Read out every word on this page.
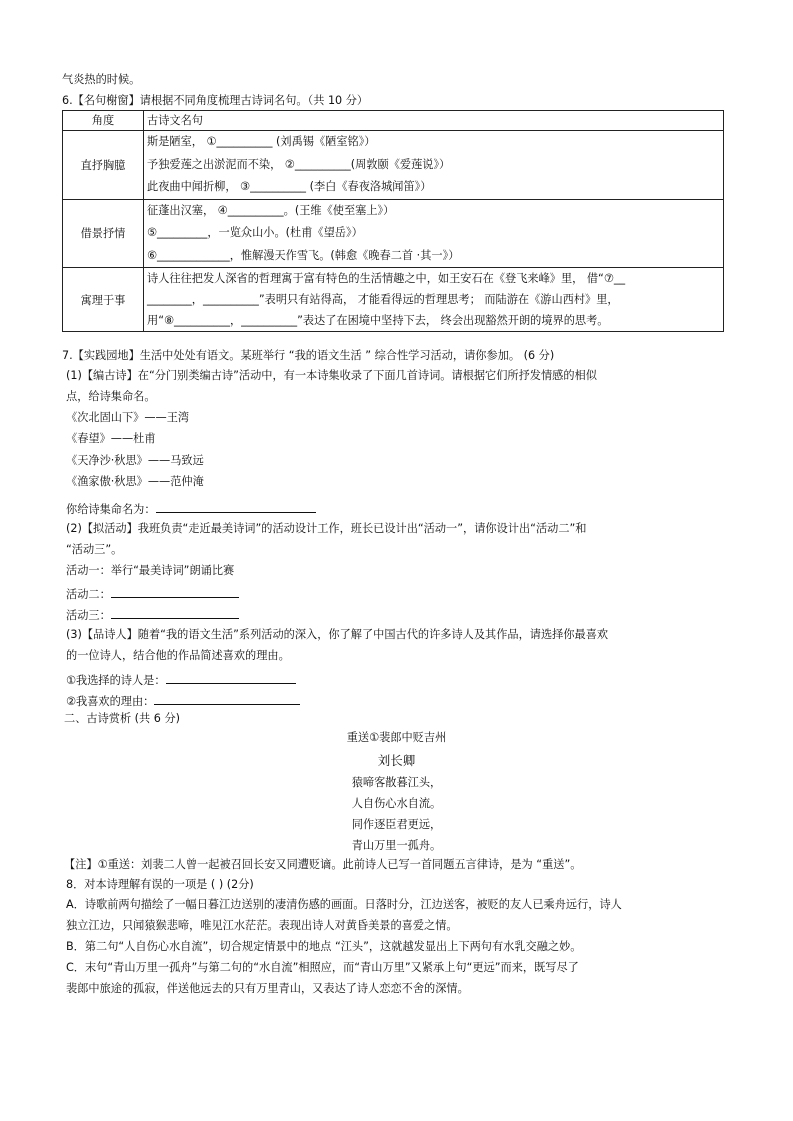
气炎热的时候。
6.【名句榭窗】请根据不同角度梳理古诗词名句。（共 10 分）
角度	古诗文名句
直抒胸臆	斯是陋室， ①__________ (刘禹锡《陋室铭》）
予独爱莲之出淤泥而不染， ②__________(周敦颐《爱莲说》）
此夜曲中闻折柳， ③__________ (李白《春夜洛城闻笛》）

借景抒情	征蓬出汉塞， ④__________。(王维《使至塞上》）
⑤_________，一览众山小。(杜甫《望岳》）
⑥_____________，惟解漫天作雪飞。(韩愈《晚春二首 ·其一》）

寓理于事	诗人往往把发人深省的哲理寓于富有特色的生活情趣之中，如王安石在《登飞来峰》里， 借“⑦__
________，__________”表明只有站得高， 才能看得远的哲理思考； 而陆游在《游山西村》里，
用“⑧__________，__________”表达了在困境中坚持下去， 终会出现豁然开朗的境界的思考。
7.【实践园地】生活中处处有语文。某班举行 “我的语文生活 ” 综合性学习活动，请你参加。 (6 分)
(1)【编古诗】在“分门别类编古诗”活动中，有一本诗集收录了下面几首诗词。请根据它们所抒发情感的相似
点，给诗集命名。
《次北固山下》——王湾
《春望》——杜甫
《天净沙·秋思》——马致远
《渔家傲·秋思》——范仲淹
你给诗集命名为：
(2)【拟活动】我班负责“走近最美诗词”的活动设计工作，班长已设计出“活动一”，请你设计出“活动二”和
“活动三”。
活动一：举行“最美诗词”朗诵比赛
活动二：
活动三：
(3)【品诗人】随着“我的语文生活”系列活动的深入，你了解了中国古代的许多诗人及其作品，请选择你最喜欢
的一位诗人，结合他的作品简述喜欢的理由。
①我选择的诗人是：
②我喜欢的理由：
二、古诗赏析 (共 6 分)
重送①裴郎中贬吉州
刘长卿
猿啼客散暮江头，
人自伤心水自流。
同作逐臣君更远，
青山万里一孤舟。
【注】①重送：刘裴二人曾一起被召回长安又同遭贬谪。此前诗人已写一首同题五言律诗，是为 “重送”。
8．对本诗理解有误的一项是 ( ) (2分)
A．诗歌前两句描绘了一幅日暮江边送别的凄清伤感的画面。日落时分，江边送客，被贬的友人已乘舟远行，诗人
独立江边，只闻猿猴悲啼，唯见江水茫茫。表现出诗人对黄昏美景的喜爱之情。
B．第二句“人自伤心水自流”，切合规定情景中的地点 “江头”，这就越发显出上下两句有水乳交融之妙。
C．末句“青山万里一孤舟”与第二句的“水自流”相照应，而“青山万里”又紧承上句“更远”而来，既写尽了
裴郎中旅途的孤寂，伴送他远去的只有万里青山，又表达了诗人恋恋不舍的深情。
